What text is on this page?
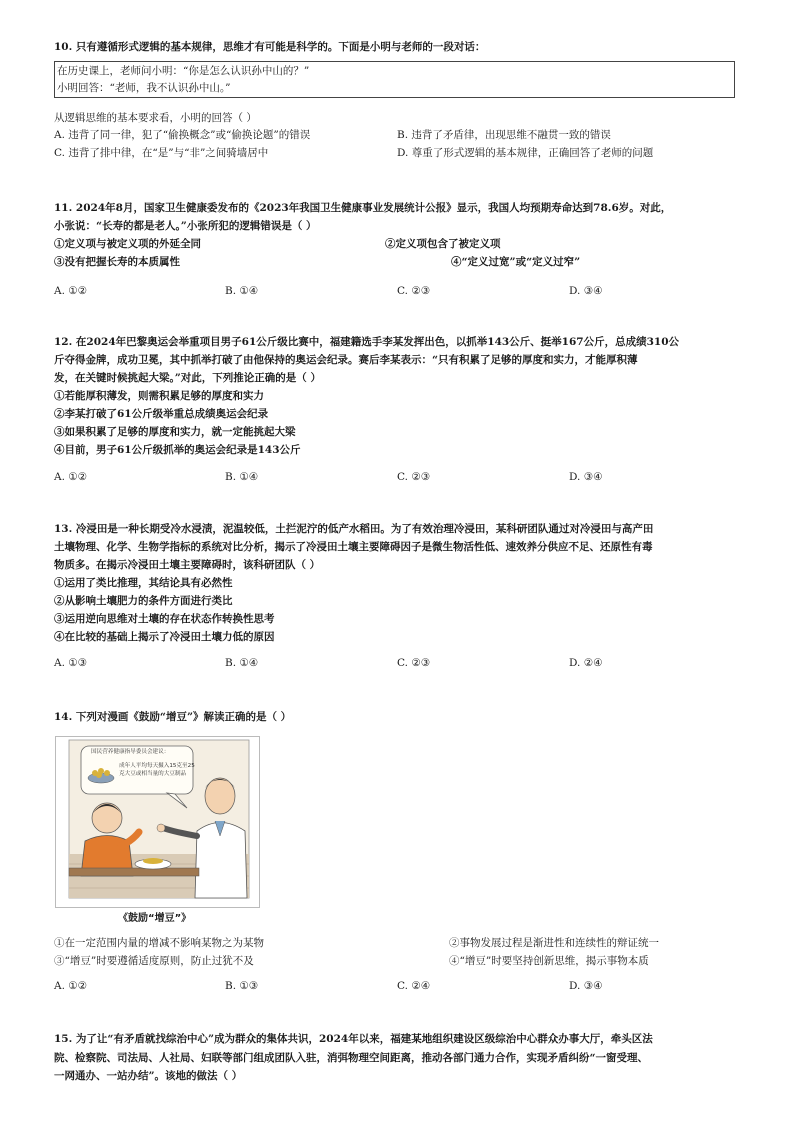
10. 只有遵循形式逻辑的基本规律，思维才有可能是科学的。下面是小明与老师的一段对话：
在历史课上，老师问小明：“你是怎么认识孙中山的？”
小明回答：“老师，我不认识孙中山。”
从逻辑思维的基本要求看，小明的回答（ ）
A. 违背了同一律，犯了“偷换概念”或“偷换论题”的错误	B. 违背了矛盾律，出现思维不融贯一致的错误
C. 违背了排中律，在“是”与“非”之间骑墙居中	D. 尊重了形式逻辑的基本规律，正确回答了老师的问题
11. 2024年8月，国家卫生健康委发布的《2023年我国卫生健康事业发展统计公报》显示，我国人均预期寿命达到78.6岁。对此，
小张说：“长寿的都是老人。”小张所犯的逻辑错误是（ ）
①定义项与被定义项的外延全同	②定义项包含了被定义项
③没有把握长寿的本质属性	④“定义过宽”或“定义过窄”
A. ①②	B. ①④	C. ②③	D. ③④
12. 在2024年巴黎奥运会举重项目男子61公斤级比赛中，福建籍选手李某发挥出色，以抓举143公斤、挺举167公斤，总成绩310公
斤夺得金牌，成功卫冕，其中抓举打破了由他保持的奥运会纪录。赛后李某表示：“只有积累了足够的厚度和实力，才能厚积薄
发，在关键时候挑起大梁。”对此，下列推论正确的是（ ）
①若能厚积薄发，则需积累足够的厚度和实力
②李某打破了61公斤级举重总成绩奥运会纪录
③如果积累了足够的厚度和实力，就一定能挑起大梁
④目前，男子61公斤级抓举的奥运会纪录是143公斤
A. ①②	B. ①④	C. ②③	D. ③④
13. 冷浸田是一种长期受冷水浸渍，泥温较低，土拦泥泞的低产水稻田。为了有效治理冷浸田，某科研团队通过对冷浸田与高产田
土壤物理、化学、生物学指标的系统对比分析，揭示了冷浸田土壤主要障碍因子是微生物活性低、速效养分供应不足、还原性有毒
物质多。在揭示冷浸田土壤主要障碍时，该科研团队（ ）
①运用了类比推理，其结论具有必然性
②从影响土壤肥力的条件方面进行类比
③运用逆向思维对土壤的存在状态作转换性思考
④在比较的基础上揭示了冷浸田土壤力低的原因
A. ①③	B. ①④	C. ②③	D. ②④
14. 下列对漫画《鼓励“增豆”》解读正确的是（ ）
国民营养健康指导委员会建议：
成年人平均每天摄入15克至25
克大豆或相当量的大豆制品
《鼓励“增豆”》
①在一定范围内量的增减不影响某物之为某物	②事物发展过程是渐进性和连续性的辩证统一
③“增豆”时要遵循适度原则，防止过犹不及	④“增豆”时要坚持创新思维，揭示事物本质
A. ①②	B. ①③	C. ②④	D. ③④
15. 为了让“有矛盾就找综治中心”成为群众的集体共识，2024年以来，福建某地组织建设区级综治中心群众办事大厅，牵头区法
院、检察院、司法局、人社局、妇联等部门组成团队入驻，消弭物理空间距离，推动各部门通力合作，实现矛盾纠纷“一窗受理、
一网通办、一站办结”。该地的做法（ ）
